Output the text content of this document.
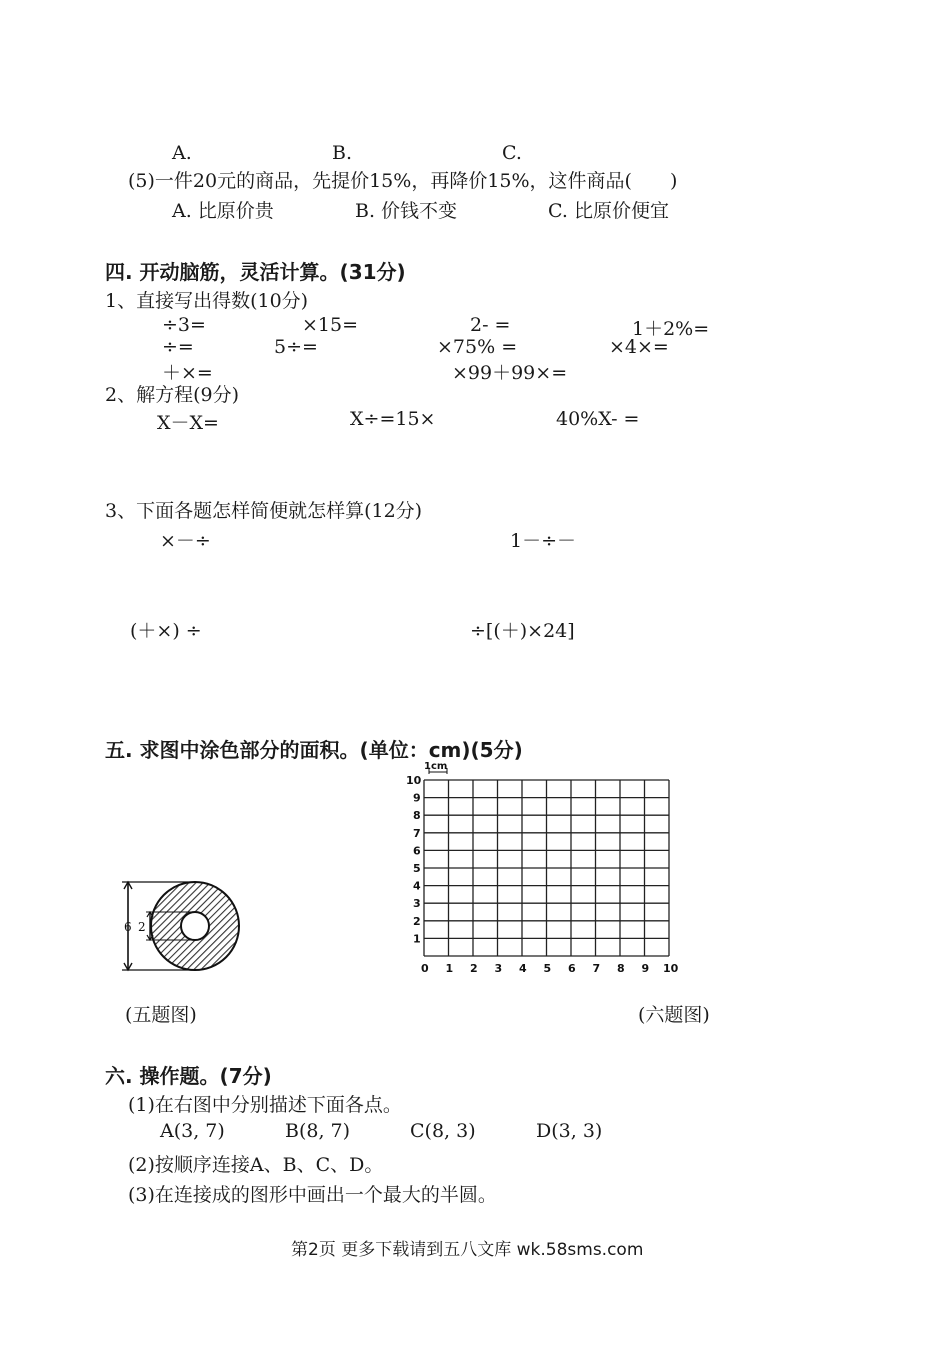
A.	B.	C.
(5)一件20元的商品，先提价15%，再降价15%，这件商品(　　)
A. 比原价贵	B. 价钱不变	C. 比原价便宜
四. 开动脑筋，灵活计算。(31分)
1、直接写出得数(10分)
÷3=	×15=	2- =	1＋2%=
÷=	5÷=	×75% =	×4×=
＋×=	×99＋99×=
2、解方程(9分)
X－X=	X÷=15×	40%X- =
3、下面各题怎样简便就怎样算(12分)
×－÷	1－÷－
(＋×) ÷	÷[(＋)×24]
五. 求图中涂色部分的面积。(单位：cm)(5分)
6 2
(五题图)
0 1 2 3 4 5 6 7 8 9 10
1
2
3
4
5
6
7
8
9
10
1cm
(六题图)
六. 操作题。(7分)
(1)在右图中分别描述下面各点。
A(3, 7)	B(8, 7)	C(8, 3)	D(3, 3)
(2)按顺序连接A、B、C、D。
(3)在连接成的图形中画出一个最大的半圆。
第2页 更多下载请到五八文库 wk.58sms.com
